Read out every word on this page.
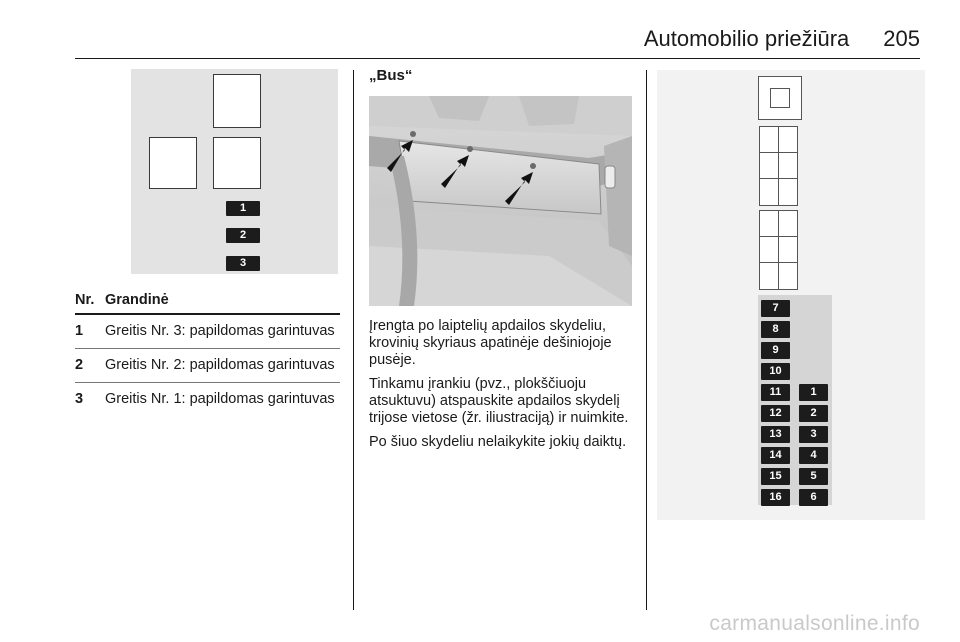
Automobilio priežiūra 205
1
2
3
Nr. Grandinė
1	Greitis Nr. 3: papildomas garintuvas
2	Greitis Nr. 2: papildomas garintuvas
3	Greitis Nr. 1: papildomas garintuvas
„Bus“

Įrengta po laiptelių apdailos skydeliu, krovinių skyriaus apatinėje dešiniojoje pusėje.

Tinkamu įrankiu (pvz., plokščiuoju atsuktuvu) atspauskite apdailos skydelį trijose vietose (žr. iliustraciją) ir nuimkite.

Po šiuo skydeliu nelaikykite jokių daiktų.

7
8
9
10
11
12
13
14
15
16
1
2
3
4
5
6
carmanualsonline.info
